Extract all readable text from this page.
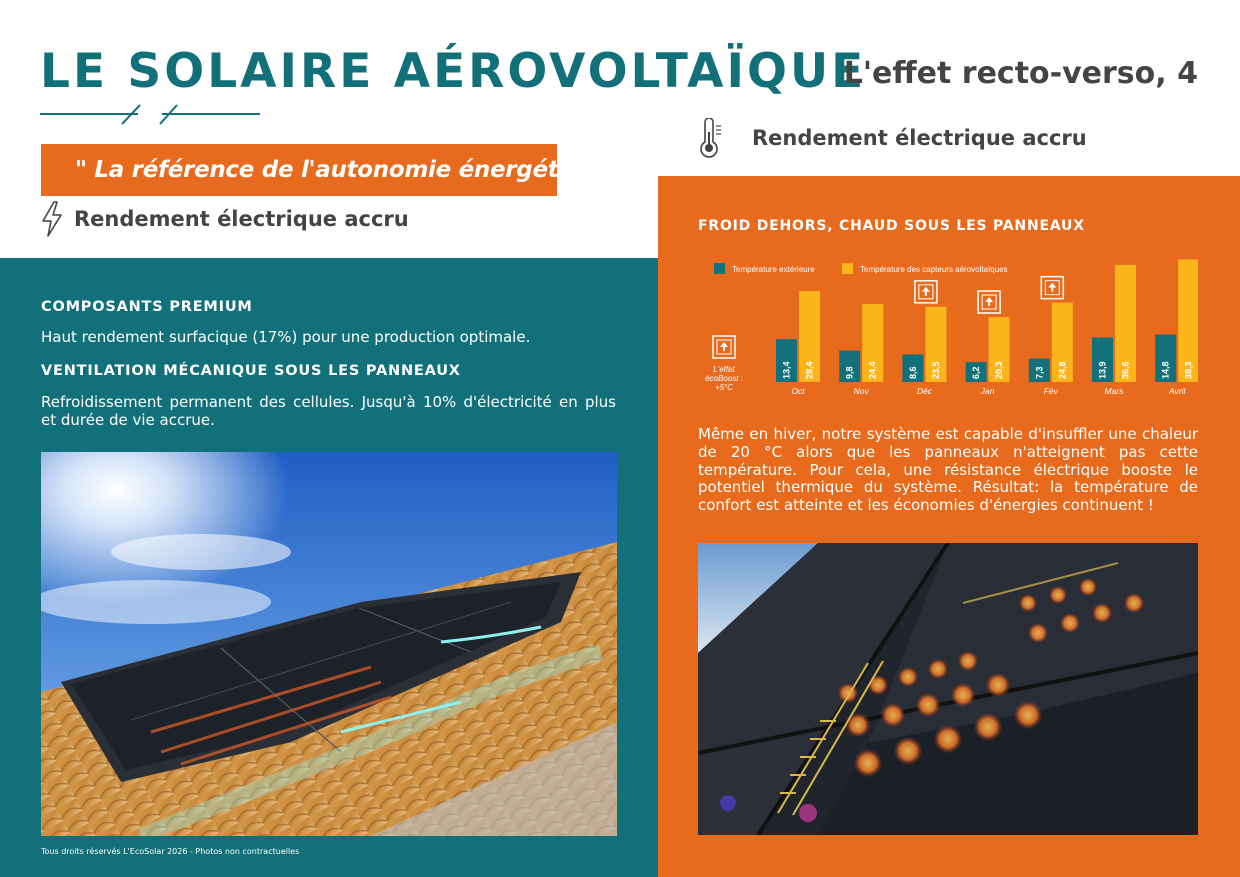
LE SOLAIRE AÉROVOLTAÏQUE
L'effet recto-verso, 4
" La référence de l'autonomie énergétique. "
Rendement électrique accru
Rendement électrique accru
COMPOSANTS PREMIUM
Haut rendement surfacique (17%) pour une production optimale.
VENTILATION MÉCANIQUE SOUS LES PANNEAUX
Refroidissement permanent des cellules. Jusqu'à 10% d'électricité en plus et durée de vie accrue.
Tous droits réservés L'EcoSolar 2026 - Photos non contractuelles
FROID DEHORS, CHAUD SOUS LES PANNEAUX
Température extérieure	Température des capteurs aérovoltaïques
L'effet
écoBoost :
+5°C
13,4 28,4
Oct
9,8 24,4
Nov
8,6 23,5
Déc
6,2 20,3
Jan
7,3 24,8
Fév
13,9 36,6
Mars
14,8 38,3
Avril
Même en hiver, notre système est capable d'insuffler une chaleur de 20 °C alors que les panneaux n'atteignent pas cette température. Pour cela, une résistance électrique booste le potentiel thermique du système. Résultat: la température de confort est atteinte et les économies d'énergies continuent !
